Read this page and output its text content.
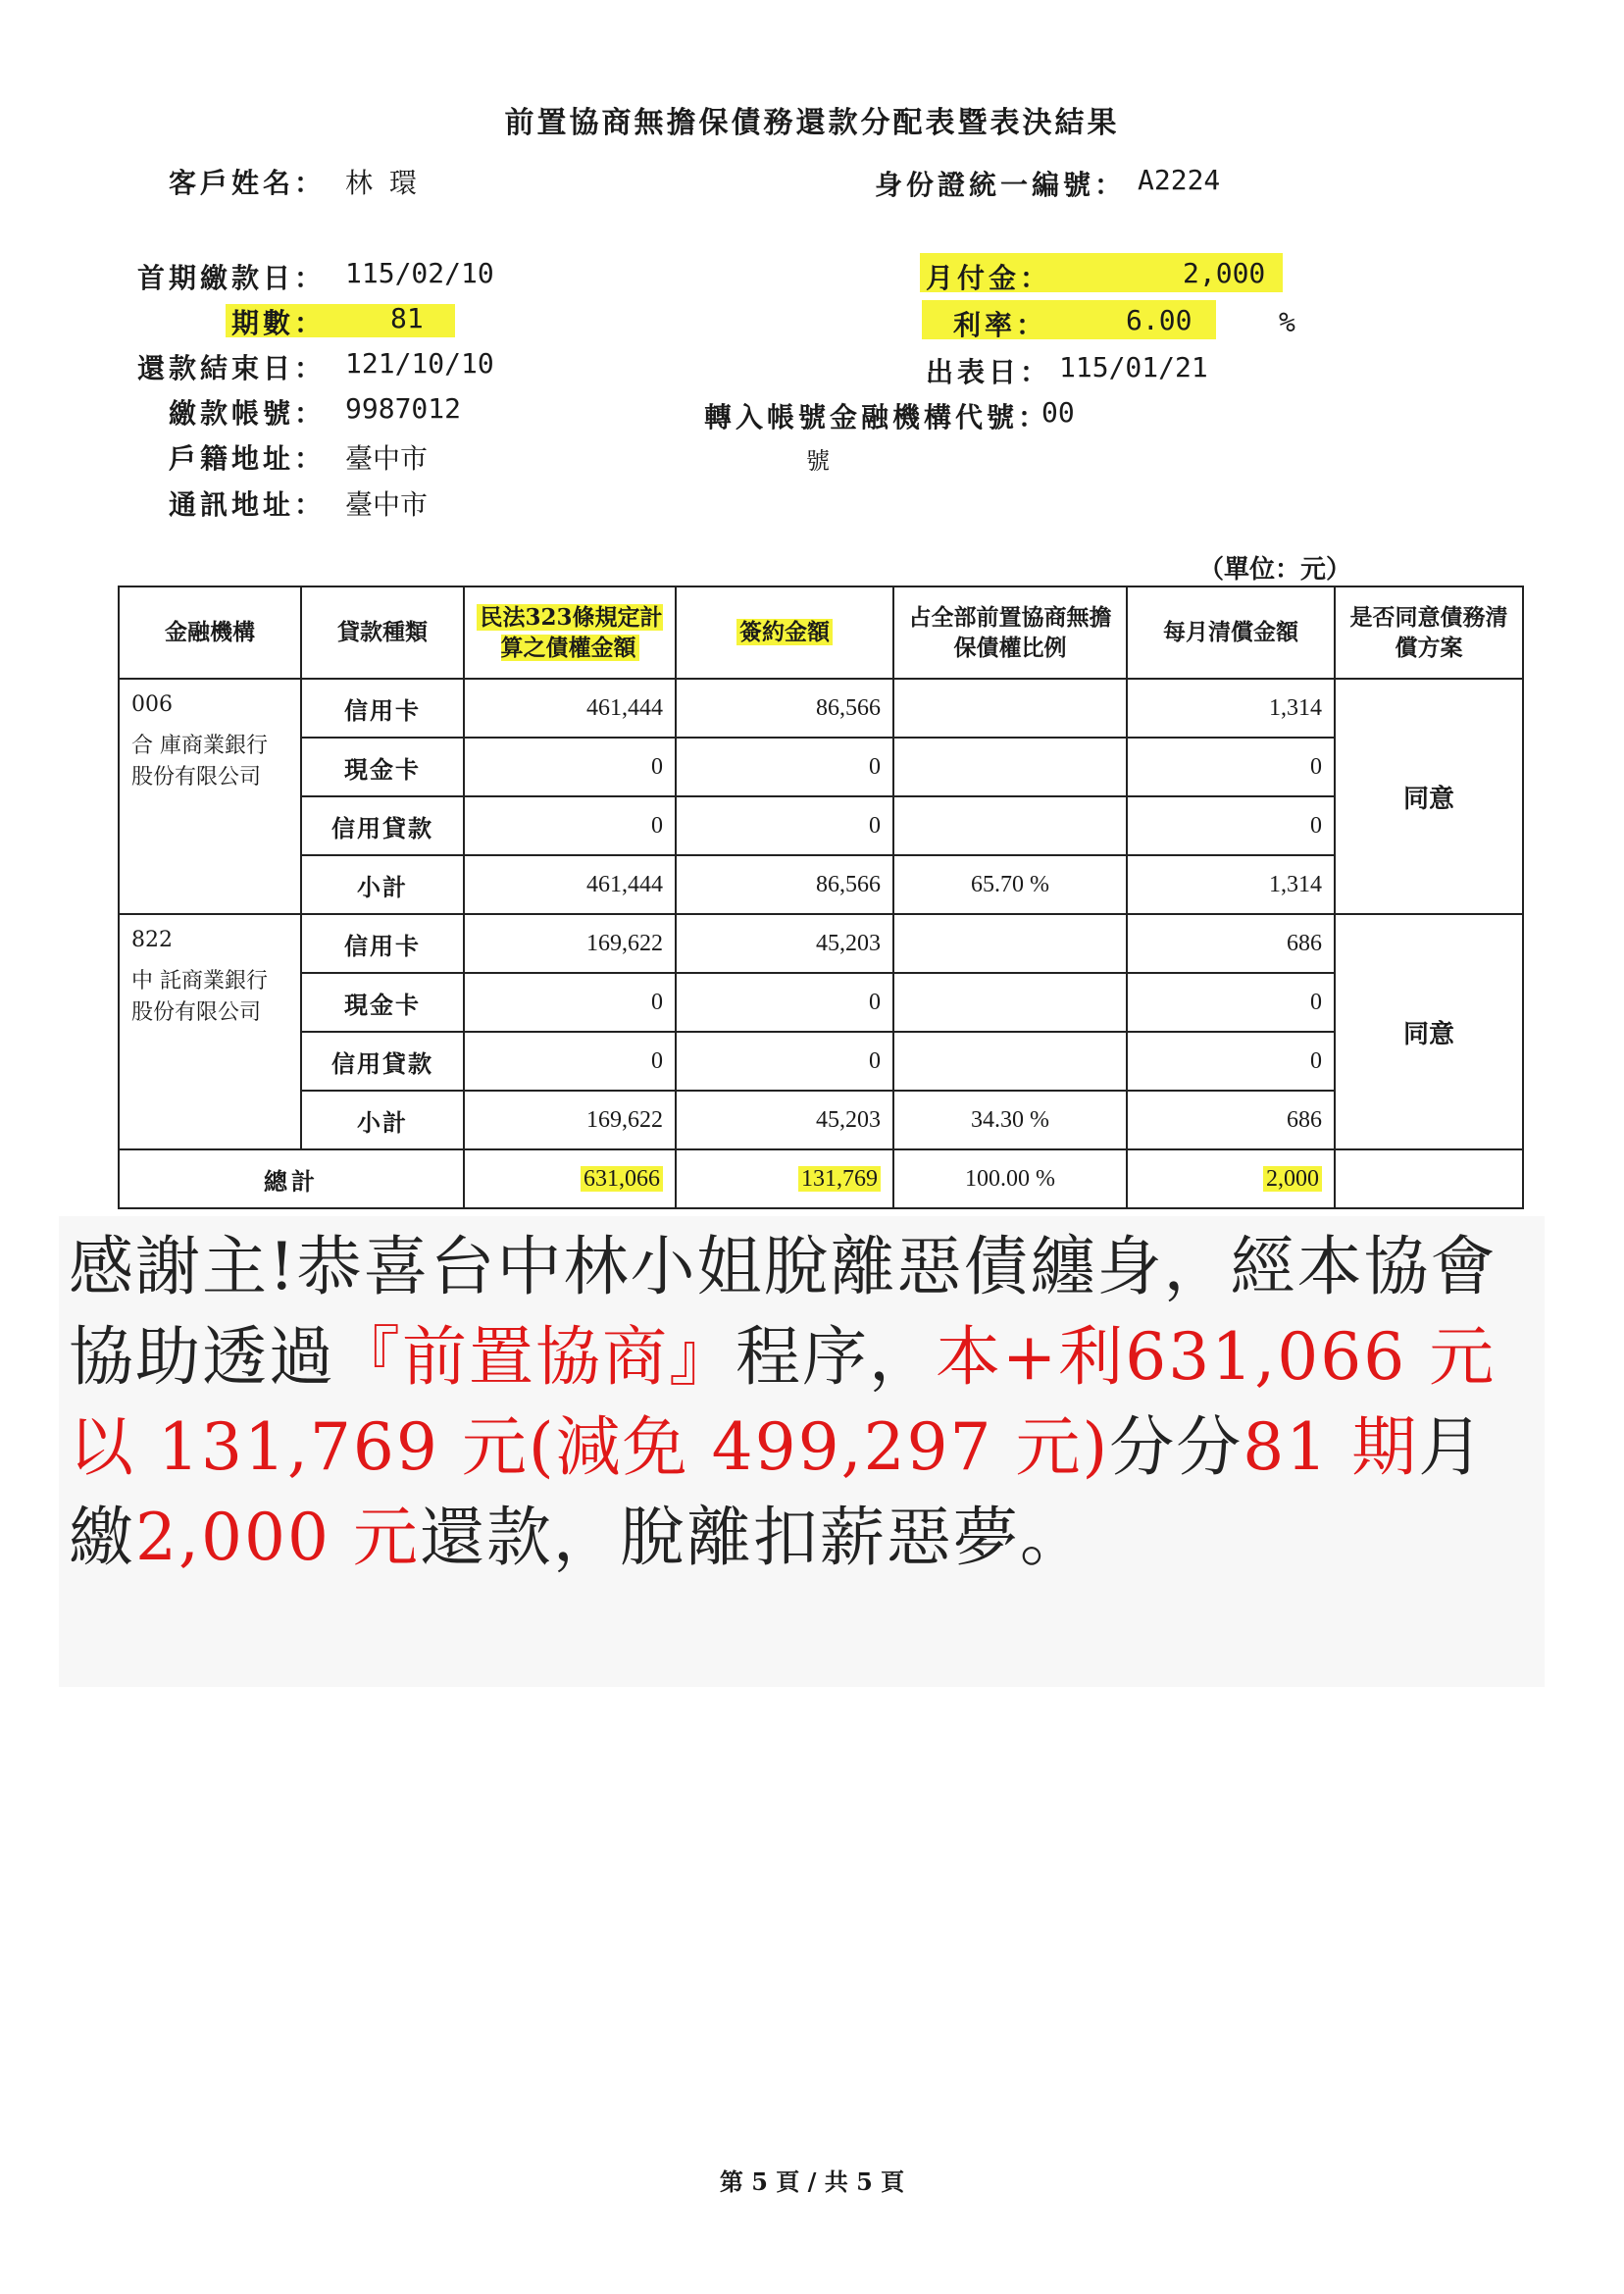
前置協商無擔保債務還款分配表暨表決結果
客戶姓名： 林 環	身份證統一編號： A2224
首期繳款日： 115/02/10
期數： 81
還款結束日： 121/10/10
繳款帳號： 9987012
戶籍地址： 臺中市
通訊地址： 臺中市
月付金：	2,000
利率：	6.00	%
出表日： 115/01/21
轉入帳號金融機構代號：
00
號
（單位：元）
金融機構	貸款種類	民法323條規定計算之債權金額	簽約金額	占全部前置協商無擔保債權比例	每月清償金額	是否同意債務清償方案

006
合 庫商業銀行股份有限公司	信用卡	461,444	86,566		1,314	同意
	現金卡	0	0		0	
	信用貸款	0	0		0	
	小計	461,444	86,566	65.70 %	1,314	

822
中 託商業銀行股份有限公司	信用卡	169,622	45,203		686	同意
	現金卡	0	0		0	
	信用貸款	0	0		0	
	小計	169,622	45,203	34.30 %	686	
總計		631,066	131,769	100.00 %	2,000	
感謝主!恭喜台中林小姐脫離惡債纏身，經本協會協助透過『前置協商』程序，本+利631,066 元以 131,769 元(減免 499,297 元)分分81 期月繳2,000 元還款，脫離扣薪惡夢。
第 5 頁 / 共 5 頁
